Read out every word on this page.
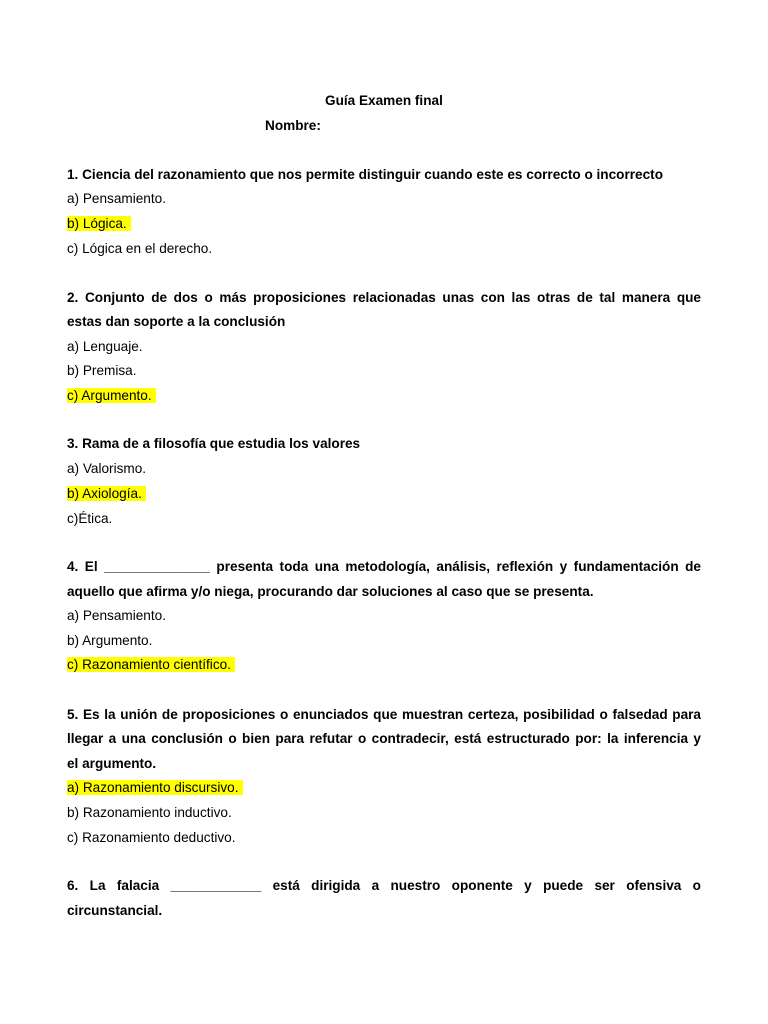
Guía Examen final
Nombre:
1. Ciencia del razonamiento que nos permite distinguir cuando este es correcto o incorrecto
a) Pensamiento.
b) Lógica.
c) Lógica en el derecho.
2. Conjunto de dos o más proposiciones relacionadas unas con las otras de tal manera que
estas dan soporte a la conclusión
a) Lenguaje.
b) Premisa.
c) Argumento.
3. Rama de a filosofía que estudia los valores
a) Valorismo.
b) Axiología.
c)Ética.
4. El ______________ presenta toda una metodología, análisis, reflexión y fundamentación de
aquello que afirma y/o niega, procurando dar soluciones al caso que se presenta.
a) Pensamiento.
b) Argumento.
c) Razonamiento científico.
5. Es la unión de proposiciones o enunciados que muestran certeza, posibilidad o falsedad para
llegar a una conclusión o bien para refutar o contradecir, está estructurado por: la inferencia y
el argumento.
a) Razonamiento discursivo.
b) Razonamiento inductivo.
c) Razonamiento deductivo.
6. La falacia ____________ está dirigida a nuestro oponente y puede ser ofensiva o
circunstancial.
